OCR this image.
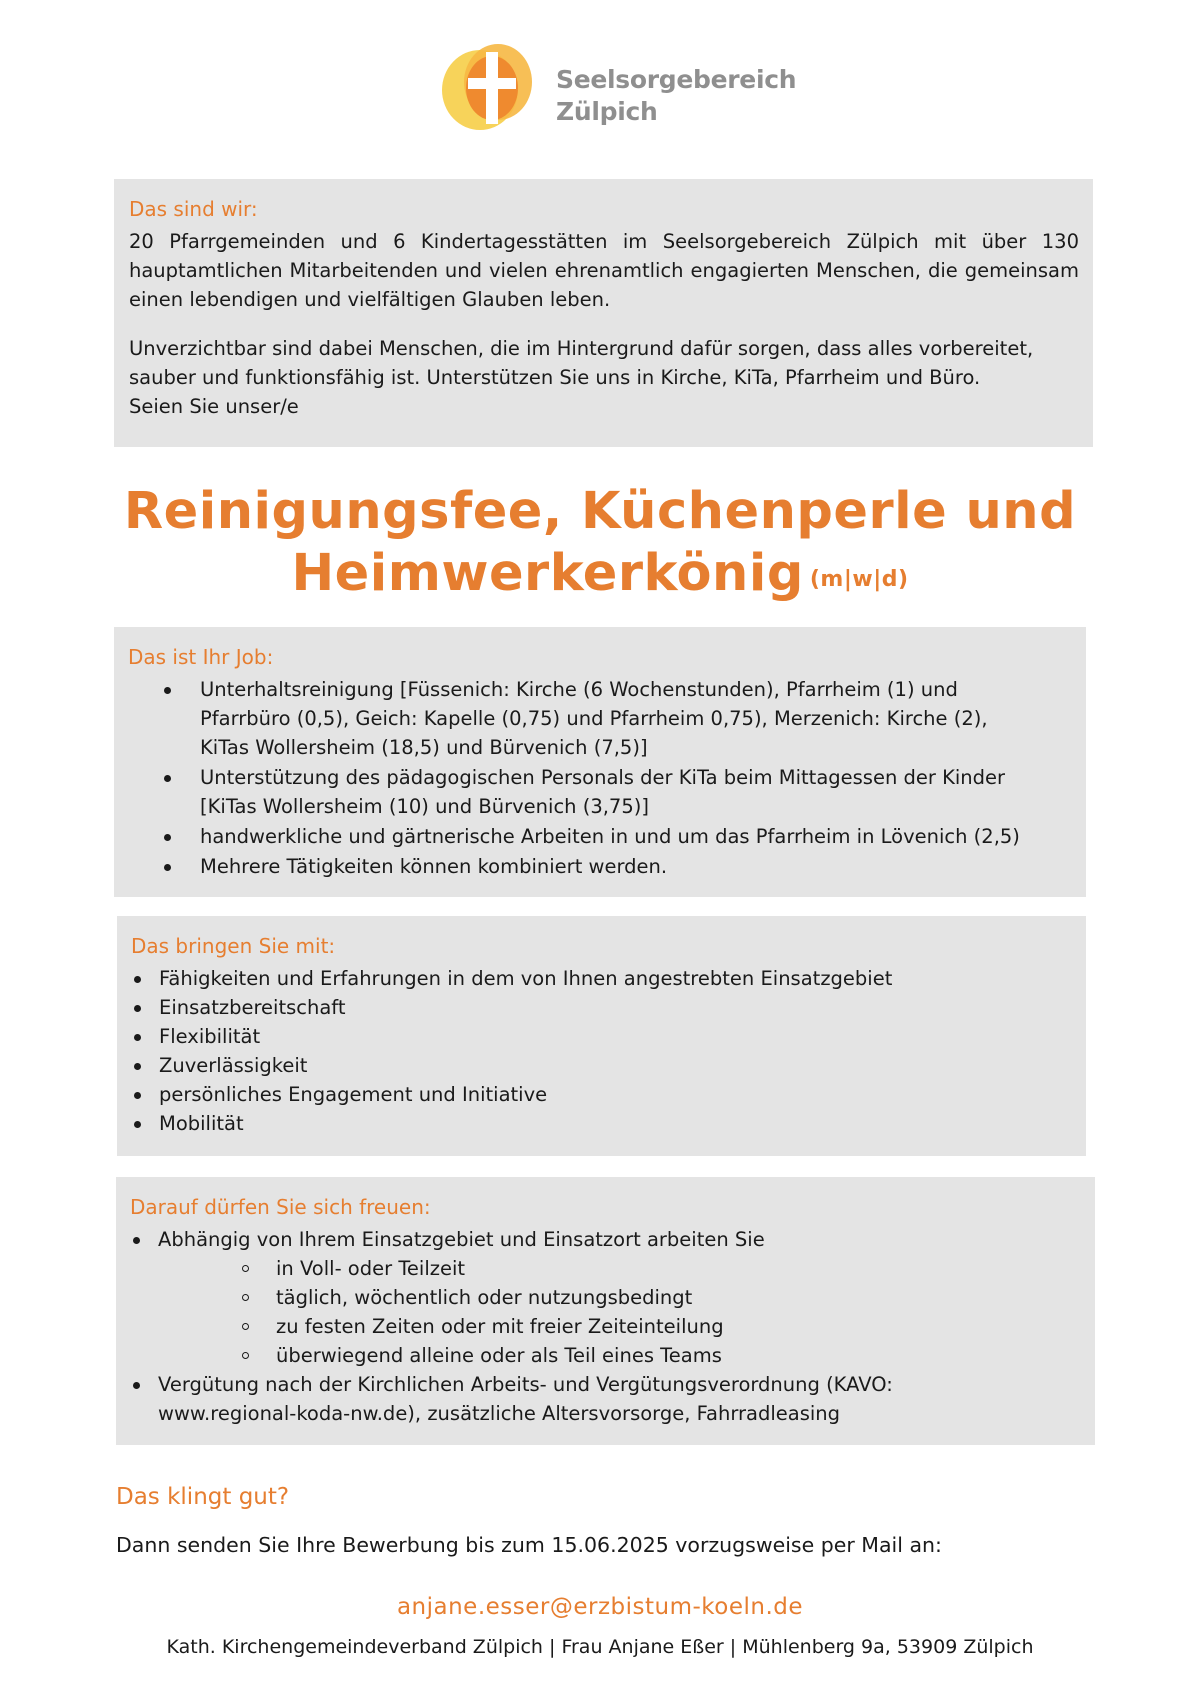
Seelsorgebereich
Zülpich

Das sind wir:

20 Pfarrgemeinden und 6 Kindertagesstätten im Seelsorgebereich Zülpich mit über 130 hauptamtlichen Mitarbeitenden und vielen ehrenamtlich engagierten Menschen, die gemeinsam einen lebendigen und vielfältigen Glauben leben.

Unverzichtbar sind dabei Menschen, die im Hintergrund dafür sorgen, dass alles vorbereitet,
sauber und funktionsfähig ist. Unterstützen Sie uns in Kirche, KiTa, Pfarrheim und Büro.
Seien Sie unser/e

Reinigungsfee, Küchenperle und
Heimwerkerkönig (m|w|d)

Das ist Ihr Job:

Unterhaltsreinigung [Füssenich: Kirche (6 Wochenstunden), Pfarrheim (1) und
Pfarrbüro (0,5), Geich: Kapelle (0,75) und Pfarrheim 0,75), Merzenich: Kirche (2),
KiTas Wollersheim (18,5) und Bürvenich (7,5)]
Unterstützung des pädagogischen Personals der KiTa beim Mittagessen der Kinder
[KiTas Wollersheim (10) und Bürvenich (3,75)]
handwerkliche und gärtnerische Arbeiten in und um das Pfarrheim in Lövenich (2,5)
Mehrere Tätigkeiten können kombiniert werden.

Das bringen Sie mit:

Fähigkeiten und Erfahrungen in dem von Ihnen angestrebten Einsatzgebiet
Einsatzbereitschaft
Flexibilität
Zuverlässigkeit
persönliches Engagement und Initiative
Mobilität

Darauf dürfen Sie sich freuen:

Abhängig von Ihrem Einsatzgebiet und Einsatzort arbeiten Sie
in Voll- oder Teilzeit
täglich, wöchentlich oder nutzungsbedingt
zu festen Zeiten oder mit freier Zeiteinteilung
überwiegend alleine oder als Teil eines Teams
Vergütung nach der Kirchlichen Arbeits- und Vergütungsverordnung (KAVO:
www.regional-koda-nw.de), zusätzliche Altersvorsorge, Fahrradleasing
Das klingt gut?
Dann senden Sie Ihre Bewerbung bis zum 15.06.2025 vorzugsweise per Mail an:
anjane.esser@erzbistum-koeln.de
Kath. Kirchengemeindeverband Zülpich | Frau Anjane Eßer | Mühlenberg 9a, 53909 Zülpich
